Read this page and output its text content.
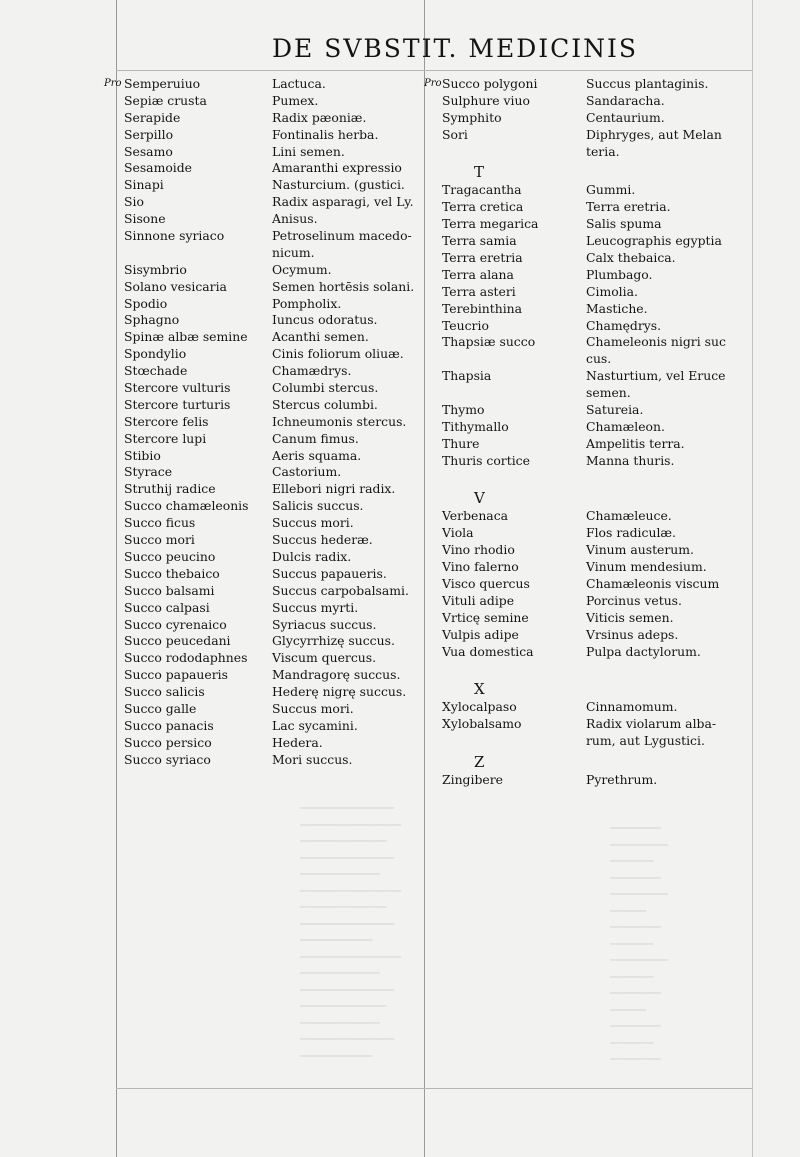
─────────────
──────────────
────────────
─────────────
───────────
──────────────
────────────
─────────────
──────────
──────────────
───────────
─────────────
────────────
───────────
─────────────
──────────
───────
────────
──────
───────
────────
─────
───────
──────
────────
──────
───────
─────
───────
──────
───────
DE SVBSTIT. MEDICINIS
Pro Semperuiuo	Lactuca.
Sepiæ crusta	Pumex.
Serapide	Radix pæoniæ.
Serpillo	Fontinalis herba.
Sesamo	Lini semen.
Sesamoide	Amaranthi expressio
Sinapi	Nasturcium. (gustici.
Sio	Radix asparagi, vel Ly.
Sisone	Anisus.
Sinnone syriaco	Petroselinum macedo-
nicum.
Sisymbrio	Ocymum.
Solano vesicaria	Semen hortēsis solani.
Spodio	Pompholix.
Sphagno	Iuncus odoratus.
Spinæ albæ semine Acanthi semen.
Spondylio	Cinis foliorum oliuæ.
Stœchade	Chamædrys.
Stercore vulturis	Columbi stercus.
Stercore turturis	Stercus columbi.
Stercore felis	Ichneumonis stercus.
Stercore lupi	Canum fimus.
Stibio	Aeris squama.
Styrace	Castorium.
Struthij radice	Ellebori nigri radix.
Succo chamæleonis Salicis succus.
Succo ficus	Succus mori.
Succo mori	Succus hederæ.
Succo peucino	Dulcis radix.
Succo thebaico	Succus papaueris.
Succo balsami	Succus carpobalsami.
Succo calpasi	Succus myrti.
Succo cyrenaico	Syriacus succus.
Succo peucedani	Glycyrrhizę succus.
Succo rododaphnes Viscum quercus.
Succo papaueris	Mandragorę succus.
Succo salicis	Hederę nigrę succus.
Succo galle	Succus mori.
Succo panacis	Lac sycamini.
Succo persico	Hedera.
Succo syriaco	Mori succus.
Pro Succo polygoni	Succus plantaginis.
Sulphure viuo	Sandaracha.
Symphito	Centaurium.
Sori	Diphryges, aut Melan
teria.
T
Tragacantha	Gummi.
Terra cretica	Terra eretria.
Terra megarica	Salis spuma
Terra samia	Leucographis egyptia
Terra eretria	Calx thebaica.
Terra alana	Plumbago.
Terra asteri	Cimolia.
Terebinthina	Mastiche.
Teucrio	Chamędrys.
Thapsiæ succo	Chameleonis nigri suc
cus.
Thapsia	Nasturtium, vel Eruce
semen.
Thymo	Satureia.
Tithymallo	Chamæleon.
Thure	Ampelitis terra.
Thuris cortice	Manna thuris.
V
Verbenaca	Chamæleuce.
Viola	Flos radiculæ.
Vino rhodio	Vinum austerum.
Vino falerno	Vinum mendesium.
Visco quercus	Chamæleonis viscum
Vituli adipe	Porcinus vetus.
Vrticę semine	Viticis semen.
Vulpis adipe	Vrsinus adeps.
Vua domestica	Pulpa dactylorum.
X
Xylocalpaso	Cinnamomum.
Xylobalsamo	Radix violarum alba-
rum, aut Lygustici.
Z
Zingibere	Pyrethrum.
